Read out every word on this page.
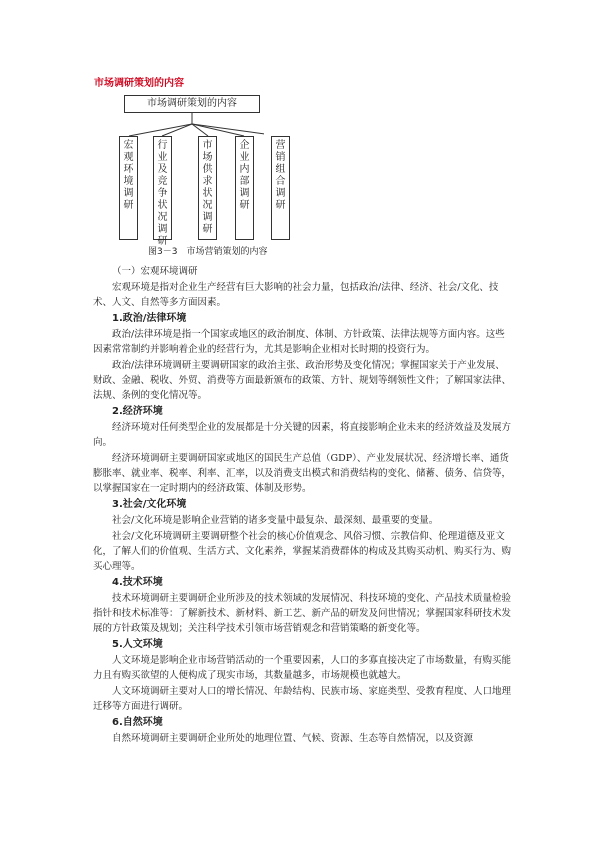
市场调研策划的内容
市场调研策划的内容
宏观环境调研
行业及竞争状况调研
市场供求状况调研
企业内部调研
营销组合调研
图3－3　市场营销策划的内容

（一）宏观环境调研

宏观环境是指对企业生产经营有巨大影响的社会力量，包括政治/法律、经济、社会/文化、技术、人文、自然等多方面因素。

1.政治/法律环境

政治/法律环境是指一个国家或地区的政治制度、体制、方针政策、法律法规等方面内容。这些因素常常制约并影响着企业的经营行为，尤其是影响企业相对长时期的投资行为。

政治/法律环境调研主要调研国家的政治主张、政治形势及变化情况；掌握国家关于产业发展、财政、金融、税收、外贸、消费等方面最新颁布的政策、方针、规划等纲领性文件；了解国家法律、法规、条例的变化情况等。

2.经济环境

经济环境对任何类型企业的发展都是十分关键的因素，将直接影响企业未来的经济效益及发展方向。

经济环境调研主要调研国家或地区的国民生产总值（GDP）、产业发展状况、经济增长率、通货膨胀率、就业率、税率、利率、汇率，以及消费支出模式和消费结构的变化、储蓄、债务、信贷等，以掌握国家在一定时期内的经济政策、体制及形势。

3.社会/文化环境

社会/文化环境是影响企业营销的诸多变量中最复杂、最深刻、最重要的变量。

社会/文化环境调研主要调研整个社会的核心价值观念、风俗习惯、宗教信仰、伦理道德及亚文化，了解人们的价值观、生活方式、文化素养，掌握某消费群体的构成及其购买动机、购买行为、购买心理等。

4.技术环境

技术环境调研主要调研企业所涉及的技术领域的发展情况、科技环境的变化、产品技术质量检验指针和技术标准等：了解新技术、新材料、新工艺、新产品的研发及问世情况；掌握国家科研技术发展的方针政策及规划；关注科学技术引领市场营销观念和营销策略的新变化等。

5.人文环境

人文环境是影响企业市场营销活动的一个重要因素，人口的多寡直接决定了市场数量，有购买能力且有购买欲望的人便构成了现实市场，其数量越多，市场规模也就越大。

人文环境调研主要对人口的增长情况、年龄结构、民族市场、家庭类型、受教育程度、人口地理迁移等方面进行调研。

6.自然环境

自然环境调研主要调研企业所处的地理位置、气候、资源、生态等自然情况，以及资源
